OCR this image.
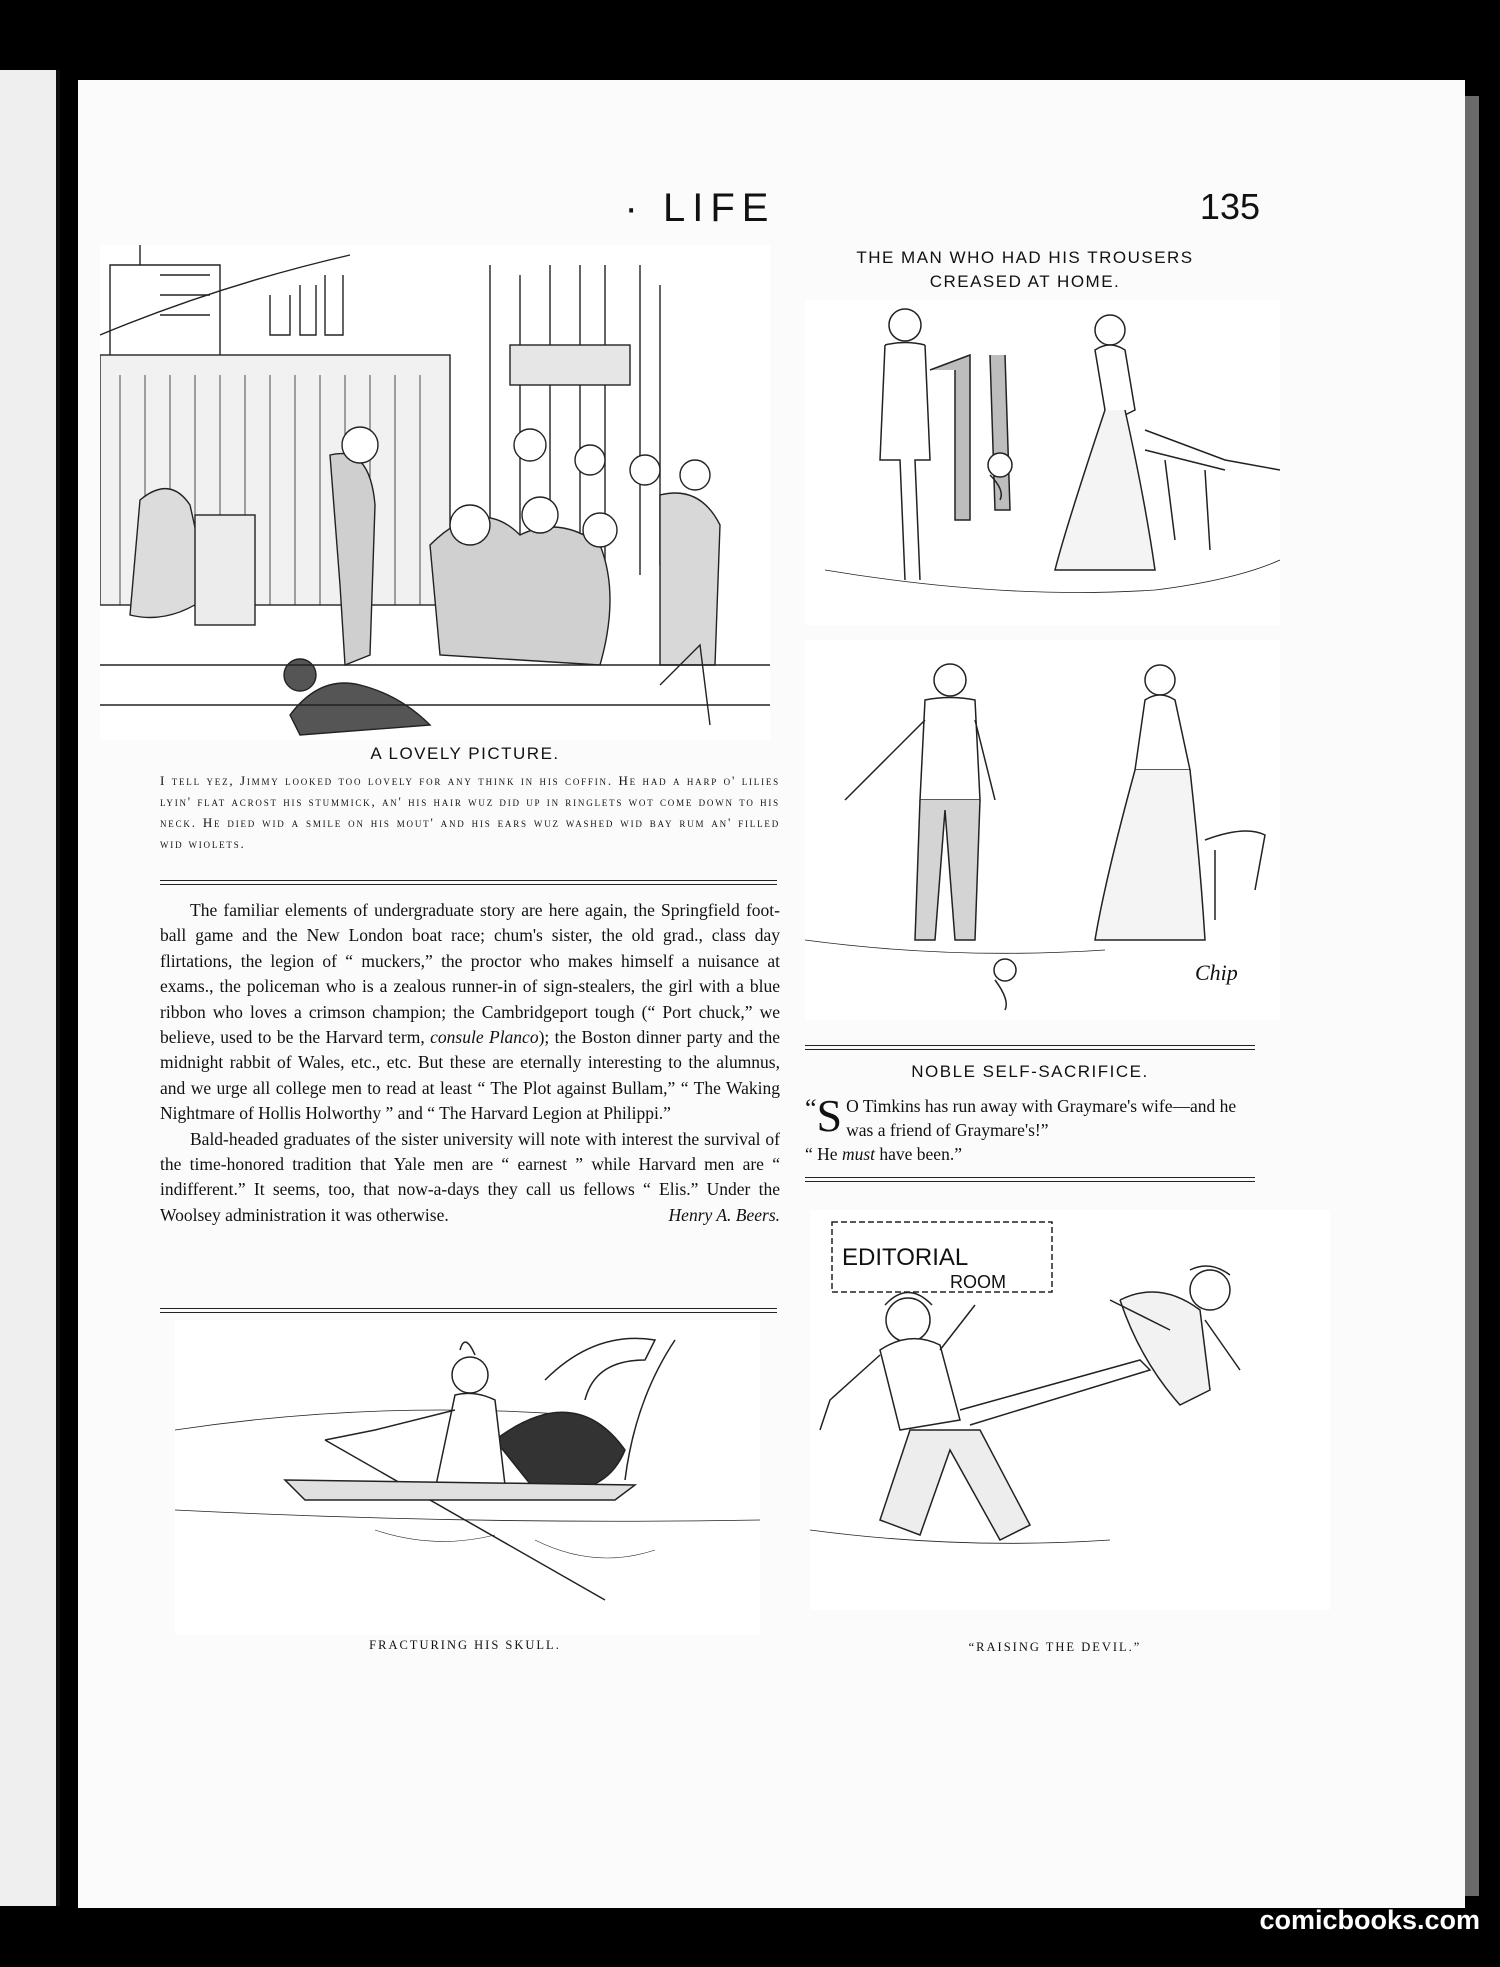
· LIFE	135
A LOVELY PICTURE.
I tell yez, Jimmy looked too lovely for any think in his coffin. He had a harp o' lilies lyin' flat acrost his stummick, an' his hair wuz did up in ringlets wot come down to his neck. He died wid a smile on his mout' and his ears wuz washed wid bay rum an' filled wid wiolets.

The familiar elements of undergraduate story are here again, the Springfield foot-ball game and the New London boat race; chum's sister, the old grad., class day flirtations, the legion of “ muckers,” the proctor who makes himself a nuisance at exams., the policeman who is a zealous runner-in of sign-stealers, the girl with a blue ribbon who loves a crimson champion; the Cambridgeport tough (“ Port chuck,” we believe, used to be the Harvard term, consule Planco); the Boston dinner party and the midnight rabbit of Wales, etc., etc. But these are eternally interesting to the alumnus, and we urge all college men to read at least “ The Plot against Bullam,” “ The Waking Nightmare of Hollis Holworthy ” and “ The Harvard Legion at Philippi.”

Bald-headed graduates of the sister university will note with interest the survival of the time-honored tradition that Yale men are “ earnest ” while Harvard men are “ indifferent.” It seems, too, that now-a-days they call us fellows “ Elis.” Under the Woolsey administration it was otherwise.	Henry A. Beers.

THE MAN WHO HAD HIS TROUSERS
CREASED AT HOME.
Chip
NOBLE SELF-SACRIFICE.
“ S O Timkins has run away with Graymare's wife—and he was a friend of Graymare's!”
“ He must have been.”
FRACTURING HIS SKULL.
EDITORIAL
ROOM
“RAISING THE DEVIL.”
comicbooks.com
